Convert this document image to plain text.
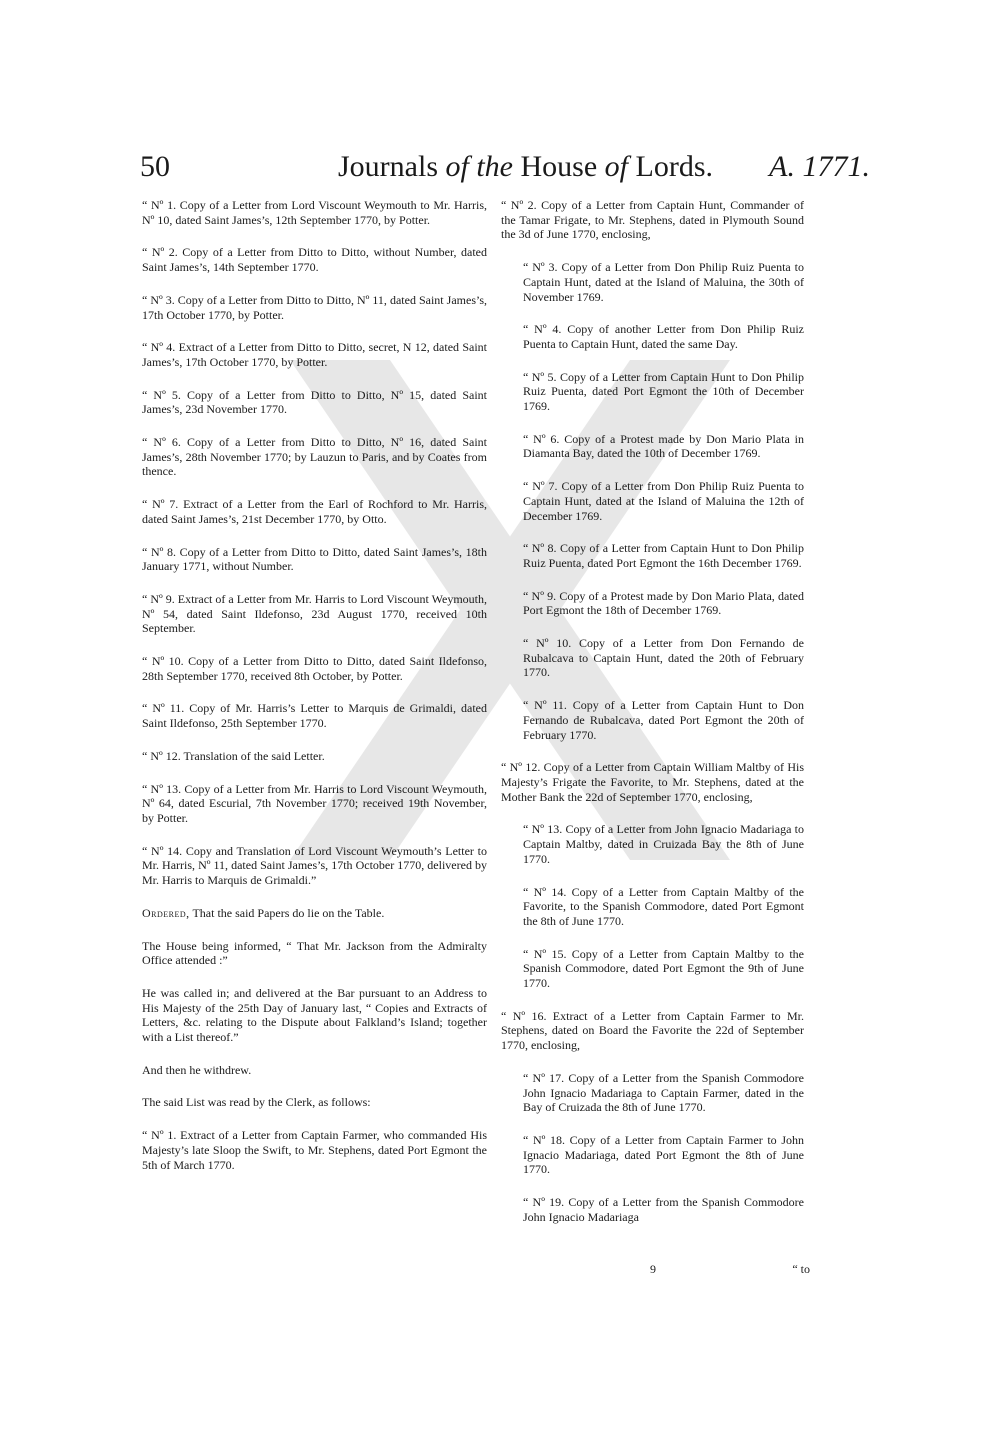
50	Journals of the House of Lords. A. 1771.
“ Nº 1. Copy of a Letter from Lord Viscount Weymouth to Mr. Harris, Nº 10, dated Saint James’s, 12th September 1770, by Potter.
“ Nº 2. Copy of a Letter from Ditto to Ditto, without Number, dated Saint James’s, 14th September 1770.
“ Nº 3. Copy of a Letter from Ditto to Ditto, Nº 11, dated Saint James’s, 17th October 1770, by Potter.
“ Nº 4. Extract of a Letter from Ditto to Ditto, secret, N 12, dated Saint James’s, 17th October 1770, by Potter.
“ Nº 5. Copy of a Letter from Ditto to Ditto, Nº 15, dated Saint James’s, 23d November 1770.
“ Nº 6. Copy of a Letter from Ditto to Ditto, Nº 16, dated Saint James’s, 28th November 1770; by Lauzun to Paris, and by Coates from thence.
“ Nº 7. Extract of a Letter from the Earl of Rochford to Mr. Harris, dated Saint James’s, 21st December 1770, by Otto.
“ Nº 8. Copy of a Letter from Ditto to Ditto, dated Saint James’s, 18th January 1771, without Number.
“ Nº 9. Extract of a Letter from Mr. Harris to Lord Viscount Weymouth, Nº 54, dated Saint Ildefonso, 23d August 1770, received 10th September.
“ Nº 10. Copy of a Letter from Ditto to Ditto, dated Saint Ildefonso, 28th September 1770, received 8th October, by Potter.
“ Nº 11. Copy of Mr. Harris’s Letter to Marquis de Grimaldi, dated Saint Ildefonso, 25th September 1770.
“ Nº 12. Translation of the said Letter.
“ Nº 13. Copy of a Letter from Mr. Harris to Lord Viscount Weymouth, Nº 64, dated Escurial, 7th November 1770; received 19th November, by Potter.
“ Nº 14. Copy and Translation of Lord Viscount Weymouth’s Letter to Mr. Harris, Nº 11, dated Saint James’s, 17th October 1770, delivered by Mr. Harris to Marquis de Grimaldi.”
Ordered, That the said Papers do lie on the Table.
The House being informed, “ That Mr. Jackson from the Admiralty Office attended :”
He was called in; and delivered at the Bar pursuant to an Address to His Majesty of the 25th Day of January last, “ Copies and Extracts of Letters, &c. relating to the Dispute about Falkland’s Island; together with a List thereof.”
And then he withdrew.
The said List was read by the Clerk, as follows:
“ Nº 1. Extract of a Letter from Captain Farmer, who commanded His Majesty’s late Sloop the Swift, to Mr. Stephens, dated Port Egmont the 5th of March 1770.
“ Nº 2. Copy of a Letter from Captain Hunt, Commander of the Tamar Frigate, to Mr. Stephens, dated in Plymouth Sound the 3d of June 1770, enclosing,
“ Nº 3. Copy of a Letter from Don Philip Ruiz Puenta to Captain Hunt, dated at the Island of Maluina, the 30th of November 1769.
“ Nº 4. Copy of another Letter from Don Philip Ruiz Puenta to Captain Hunt, dated the same Day.
“ Nº 5. Copy of a Letter from Captain Hunt to Don Philip Ruiz Puenta, dated Port Egmont the 10th of December 1769.
“ Nº 6. Copy of a Protest made by Don Mario Plata in Diamanta Bay, dated the 10th of December 1769.
“ Nº 7. Copy of a Letter from Don Philip Ruiz Puenta to Captain Hunt, dated at the Island of Maluina the 12th of December 1769.
“ Nº 8. Copy of a Letter from Captain Hunt to Don Philip Ruiz Puenta, dated Port Egmont the 16th December 1769.
“ Nº 9. Copy of a Protest made by Don Mario Plata, dated Port Egmont the 18th of December 1769.
“ Nº 10. Copy of a Letter from Don Fernando de Rubalcava to Captain Hunt, dated the 20th of February 1770.
“ Nº 11. Copy of a Letter from Captain Hunt to Don Fernando de Rubalcava, dated Port Egmont the 20th of February 1770.
“ Nº 12. Copy of a Letter from Captain William Maltby of His Majesty’s Frigate the Favorite, to Mr. Stephens, dated at the Mother Bank the 22d of September 1770, enclosing,
“ Nº 13. Copy of a Letter from John Ignacio Madariaga to Captain Maltby, dated in Cruizada Bay the 8th of June 1770.
“ Nº 14. Copy of a Letter from Captain Maltby of the Favorite, to the Spanish Commodore, dated Port Egmont the 8th of June 1770.
“ Nº 15. Copy of a Letter from Captain Maltby to the Spanish Commodore, dated Port Egmont the 9th of June 1770.
“ Nº 16. Extract of a Letter from Captain Farmer to Mr. Stephens, dated on Board the Favorite the 22d of September 1770, enclosing,
“ Nº 17. Copy of a Letter from the Spanish Commodore John Ignacio Madariaga to Captain Farmer, dated in the Bay of Cruizada the 8th of June 1770.
“ Nº 18. Copy of a Letter from Captain Farmer to John Ignacio Madariaga, dated Port Egmont the 8th of June 1770.
“ Nº 19. Copy of a Letter from the Spanish Commodore John Ignacio Madariaga
9	“ to
